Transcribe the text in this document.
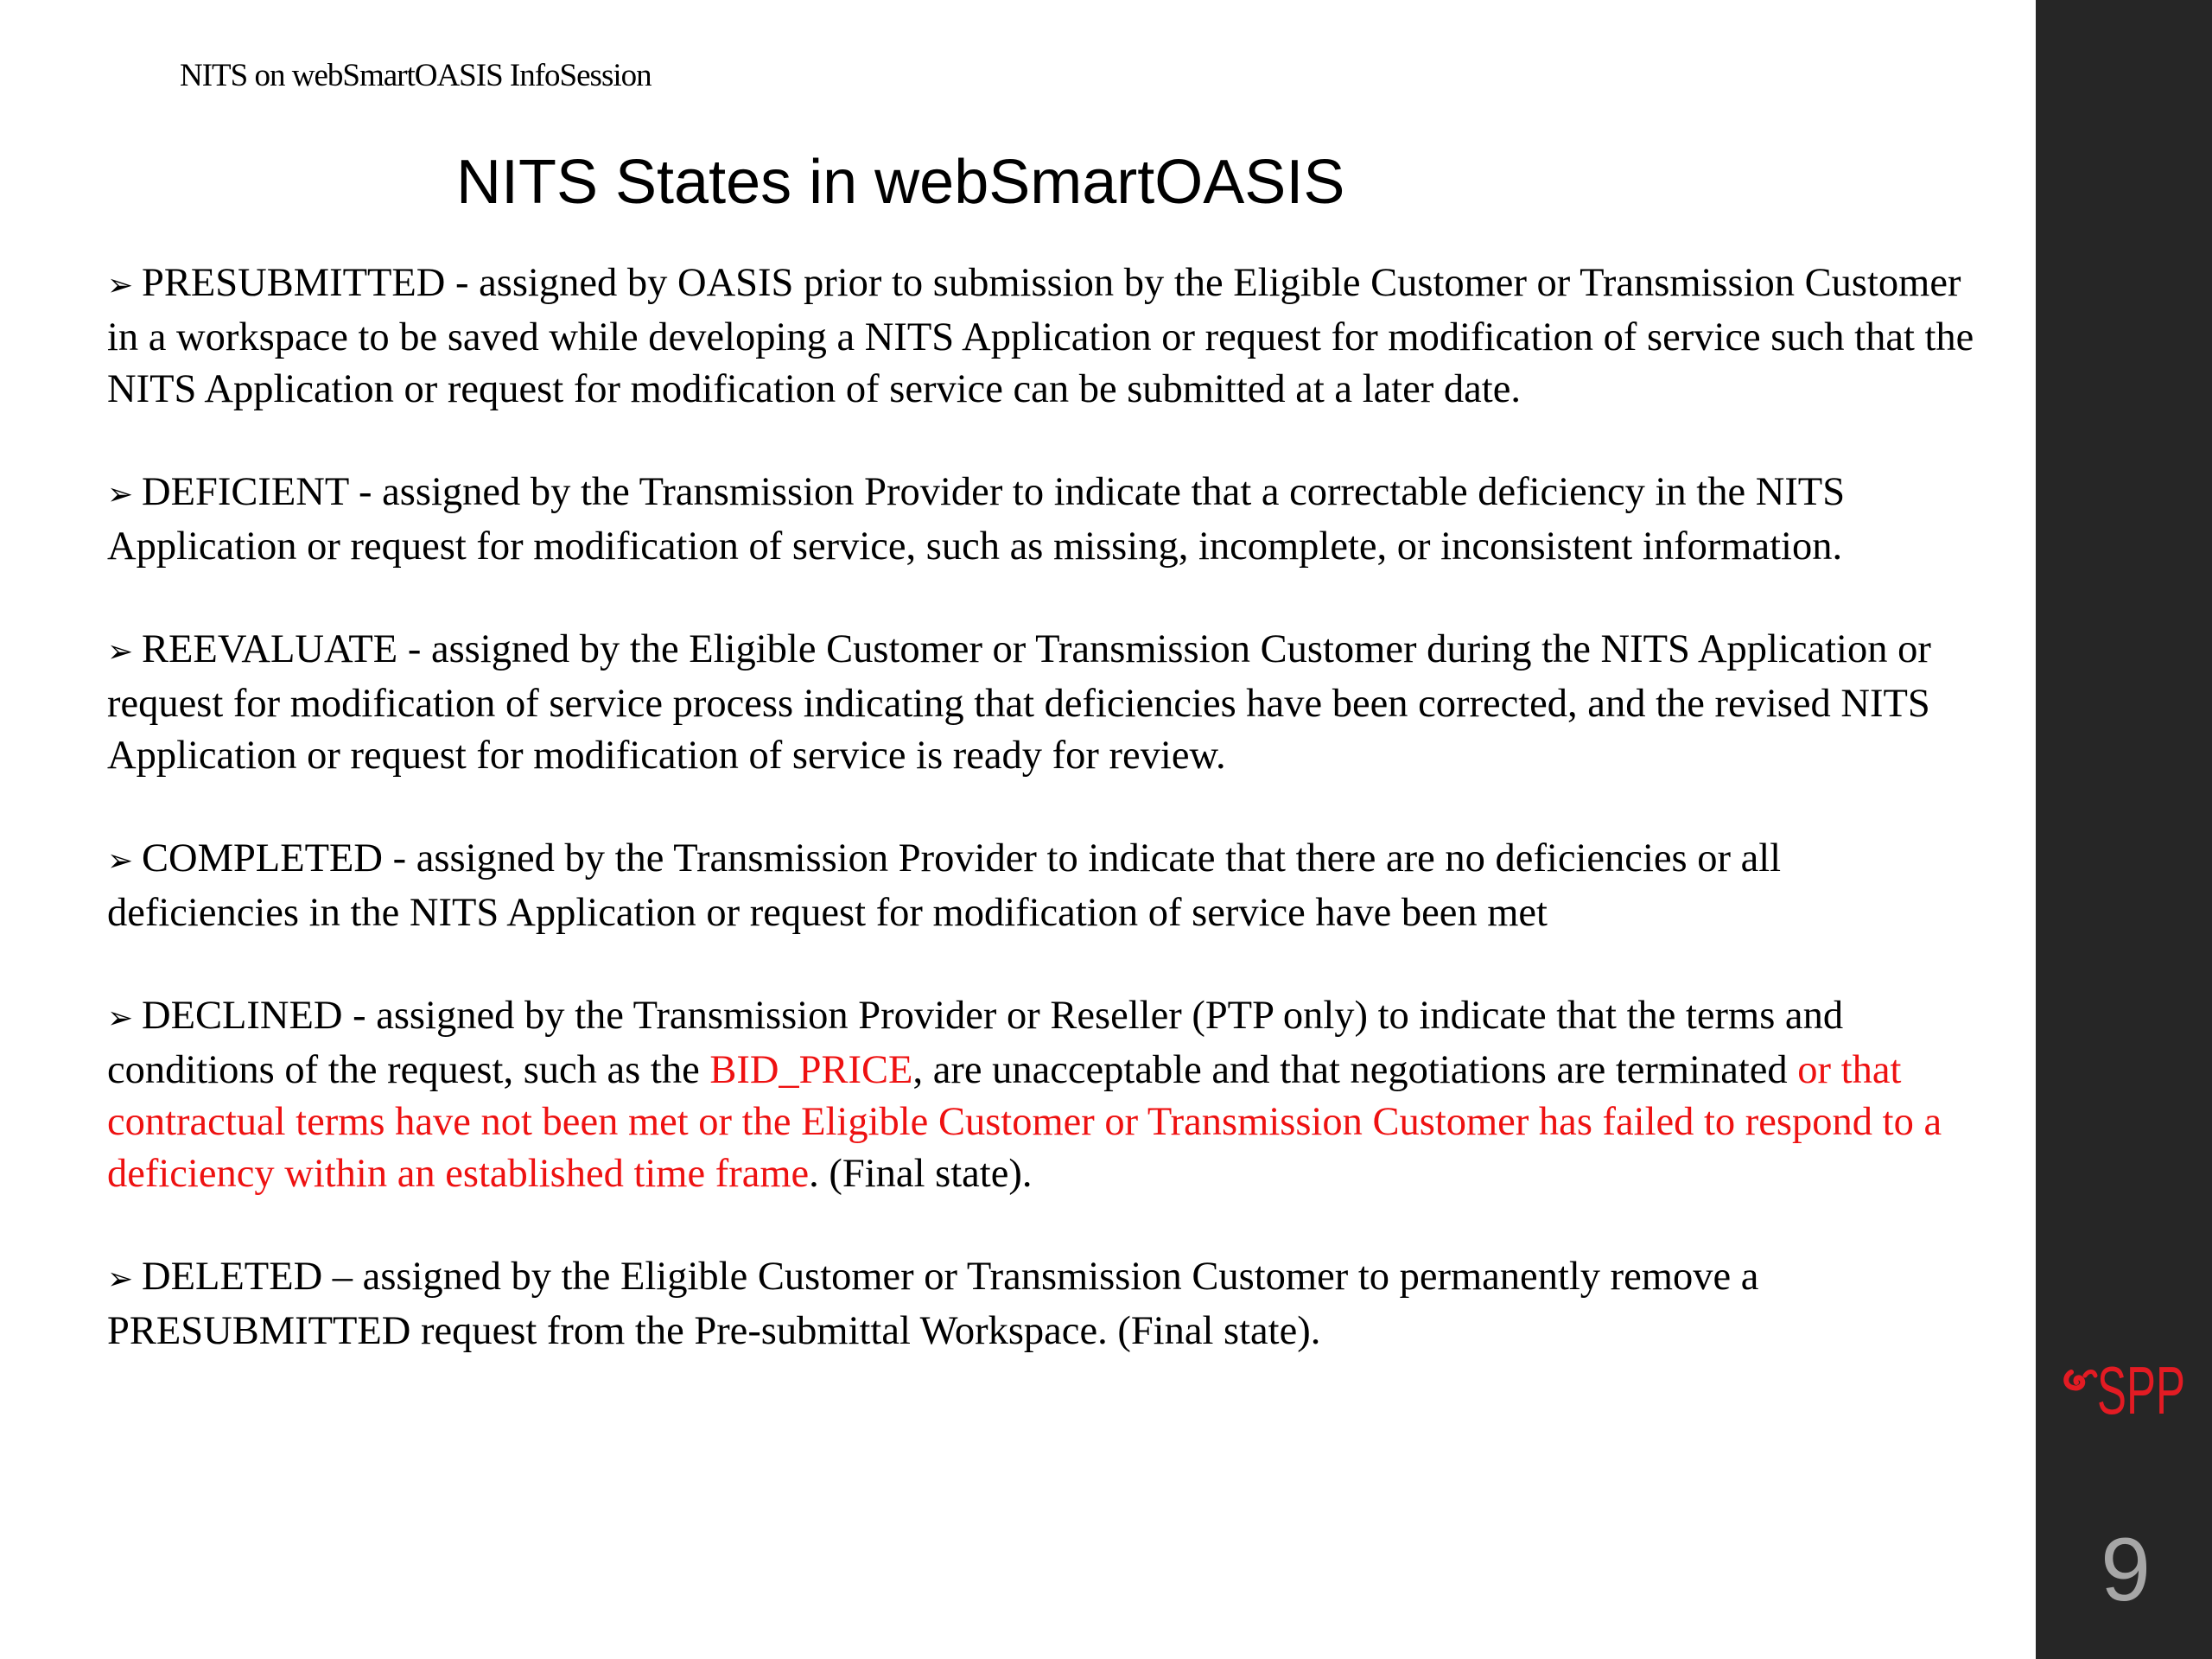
NITS on webSmartOASIS InfoSession
NITS States in webSmartOASIS

➢ PRESUBMITTED - assigned by OASIS prior to submission by the Eligible Customer or Transmission Customer in a workspace to be saved while developing a NITS Application or request for modification of service such that the NITS Application or request for modification of service can be submitted at a later date.

➢ DEFICIENT - assigned by the Transmission Provider to indicate that a correctable deficiency in the NITS Application or request for modification of service, such as missing, incomplete, or inconsistent information.

➢ REEVALUATE - assigned by the Eligible Customer or Transmission Customer during the NITS Application or request for modification of service process indicating that deficiencies have been corrected, and the revised NITS Application or request for modification of service is ready for review.

➢ COMPLETED - assigned by the Transmission Provider to indicate that there are no deficiencies or all deficiencies in the NITS Application or request for modification of service have been met

➢ DECLINED - assigned by the Transmission Provider or Reseller (PTP only) to indicate that the terms and conditions of the request, such as the BID_PRICE, are unacceptable and that negotiations are terminated or that contractual terms have not been met or the Eligible Customer or Transmission Customer has failed to respond to a deficiency within an established time frame. (Final state).

➢ DELETED – assigned by the Eligible Customer or Transmission Customer to permanently remove a PRESUBMITTED request from the Pre-submittal Workspace. (Final state).

SPP
9
